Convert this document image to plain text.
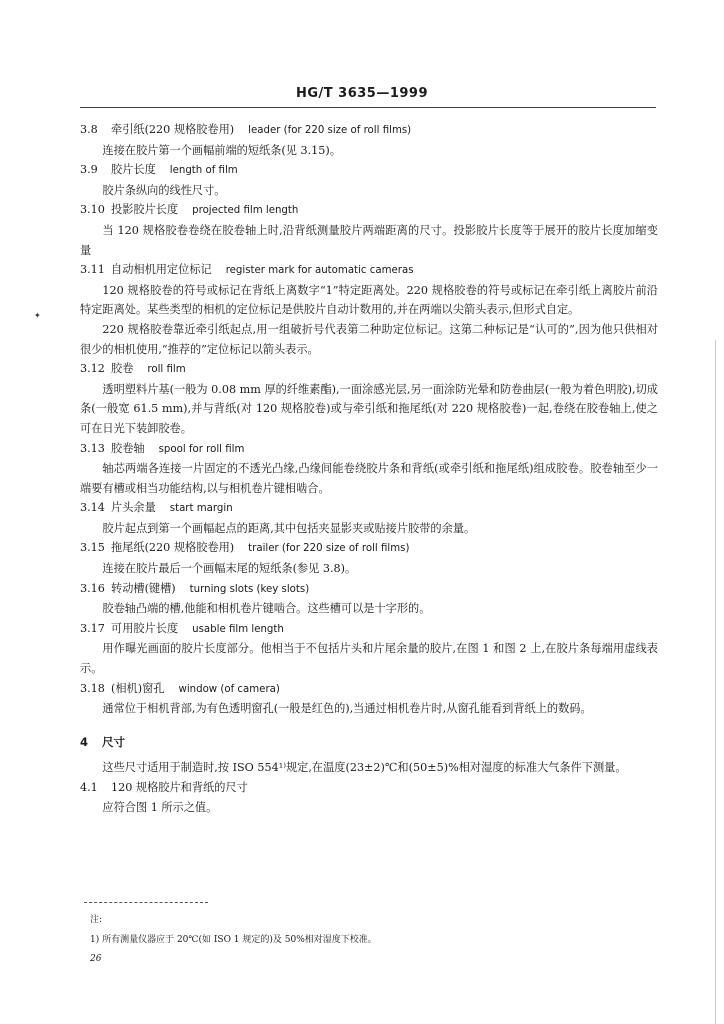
HG/T 3635—1999
✦

3.8 牵引纸(220 规格胶卷用) leader (for 220 size of roll films)

连接在胶片第一个画幅前端的短纸条(见 3.15)。

3.9 胶片长度 length of film

胶片条纵向的线性尺寸。

3.10 投影胶片长度 projected film length

当 120 规格胶卷卷绕在胶卷轴上时,沿背纸测量胶片两端距离的尺寸。投影胶片长度等于展开的胶片长度加缩变量

3.11 自动相机用定位标记 register mark for automatic cameras

120 规格胶卷的符号或标记在背纸上离数字“1”特定距离处。220 规格胶卷的符号或标记在牵引纸上离胶片前沿特定距离处。某些类型的相机的定位标记是供胶片自动计数用的,并在两端以尖箭头表示,但形式自定。

220 规格胶卷靠近牵引纸起点,用一组破折号代表第二种助定位标记。这第二种标记是“认可的”,因为他只供相对很少的相机使用,“推荐的”定位标记以箭头表示。

3.12 胶卷 roll film

透明塑料片基(一般为 0.08 mm 厚的纤维素酯),一面涂感光层,另一面涂防光晕和防卷曲层(一般为着色明胶),切成条(一般宽 61.5 mm),并与背纸(对 120 规格胶卷)或与牵引纸和拖尾纸(对 220 规格胶卷)一起,卷绕在胶卷轴上,使之可在日光下装卸胶卷。

3.13 胶卷轴 spool for roll film

轴芯两端各连接一片固定的不透光凸缘,凸缘间能卷绕胶片条和背纸(或牵引纸和拖尾纸)组成胶卷。胶卷轴至少一端要有槽或相当功能结构,以与相机卷片键相啮合。

3.14 片头余量 start margin

胶片起点到第一个画幅起点的距离,其中包括夹显影夹或贴接片胶带的余量。

3.15 拖尾纸(220 规格胶卷用) trailer (for 220 size of roll films)

连接在胶片最后一个画幅末尾的短纸条(参见 3.8)。

3.16 转动槽(键槽) turning slots (key slots)

胶卷轴凸端的槽,他能和相机卷片键啮合。这些槽可以是十字形的。

3.17 可用胶片长度 usable film length

用作曝光画面的胶片长度部分。他相当于不包括片头和片尾余量的胶片,在图 1 和图 2 上,在胶片条每端用虚线表示。

3.18 (相机)窗孔 window (of camera)

通常位于相机背部,为有色透明窗孔(一般是红色的),当通过相机卷片时,从窗孔能看到背纸上的数码。

4 尺寸

这些尺寸适用于制造时,按 ISO 554¹⁾规定,在温度(23±2)℃和(50±5)%相对湿度的标准大气条件下测量。

4.1 120 规格胶片和背纸的尺寸

应符合图 1 所示之值。

注:
1) 所有测量仪器应于 20℃(如 ISO 1 规定的)及 50%相对湿度下校准。
26
